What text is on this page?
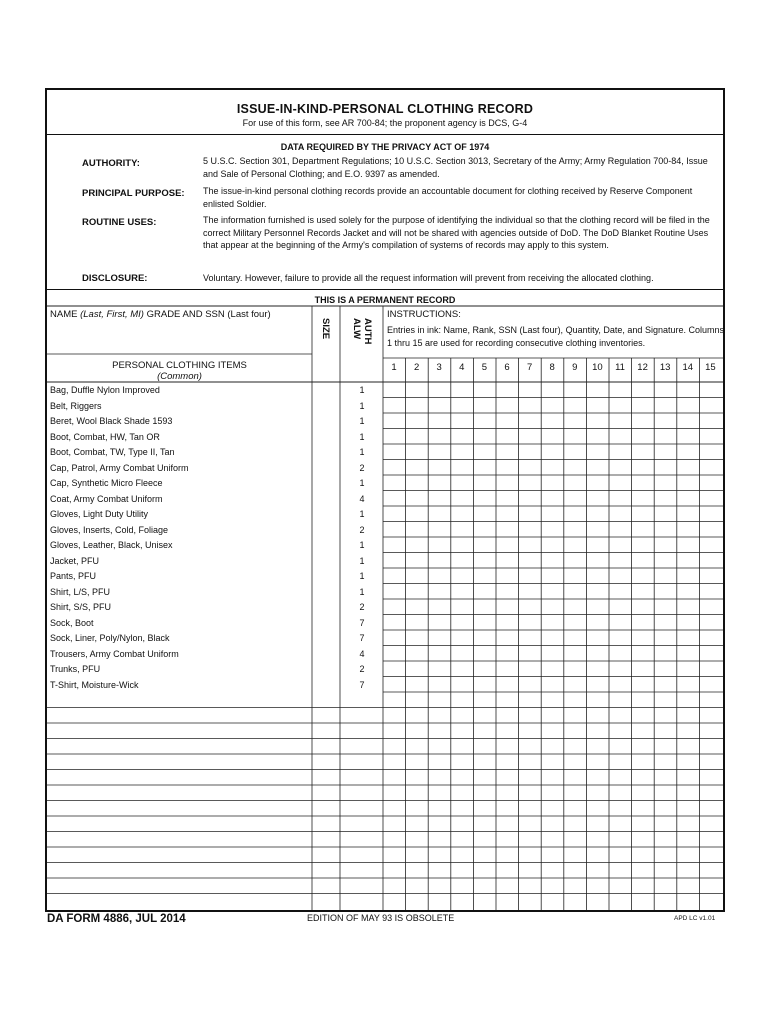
ISSUE-IN-KIND-PERSONAL CLOTHING RECORD
For use of this form, see AR 700-84; the proponent agency is DCS, G-4
DATA REQUIRED BY THE PRIVACY ACT OF 1974
AUTHORITY:	5 U.S.C. Section 301, Department Regulations; 10 U.S.C. Section 3013, Secretary of the Army; Army Regulation 700-84, Issue and Sale of Personal Clothing; and E.O. 9397 as amended.
PRINCIPAL PURPOSE: The issue-in-kind personal clothing records provide an accountable document for clothing received by Reserve Component enlisted Soldier.
ROUTINE USES:	The information furnished is used solely for the purpose of identifying the individual so that the clothing record will be filed in the correct Military Personnel Records Jacket and will not be shared with agencies outside of DoD. The DoD Blanket Routine Uses that appear at the beginning of the Army's compilation of systems of records may apply to this system.
DISCLOSURE:	Voluntary. However, failure to provide all the request information will prevent from receiving the allocated clothing.
THIS IS A PERMANENT RECORD
NAME (Last, First, MI) GRADE AND SSN (Last four)
SIZE	AUTH
ALW
INSTRUCTIONS:
Entries in ink: Name, Rank, SSN (Last four), Quantity, Date, and Signature. Columns 1 thru 15 are used for recording consecutive clothing inventories.
PERSONAL CLOTHING ITEMS
(Common)
1	2	3	4	5	6	7	8	9	10	11	12	13	14	15
Bag, Duffle Nylon Improved	1
Belt, Riggers	1
Beret, Wool Black Shade 1593	1
Boot, Combat, HW, Tan OR	1
Boot, Combat, TW, Type II, Tan	1
Cap, Patrol, Army Combat Uniform	2
Cap, Synthetic Micro Fleece	1
Coat, Army Combat Uniform	4
Gloves, Light Duty Utility	1
Gloves, Inserts, Cold, Foliage	2
Gloves, Leather, Black, Unisex	1
Jacket, PFU	1
Pants, PFU	1
Shirt, L/S, PFU	1
Shirt, S/S, PFU	2
Sock, Boot	7
Sock, Liner, Poly/Nylon, Black	7
Trousers, Army Combat Uniform	4
Trunks, PFU	2
T-Shirt, Moisture-Wick	7
DA FORM 4886, JUL 2014	EDITION OF MAY 93 IS OBSOLETE	APD LC v1.01
